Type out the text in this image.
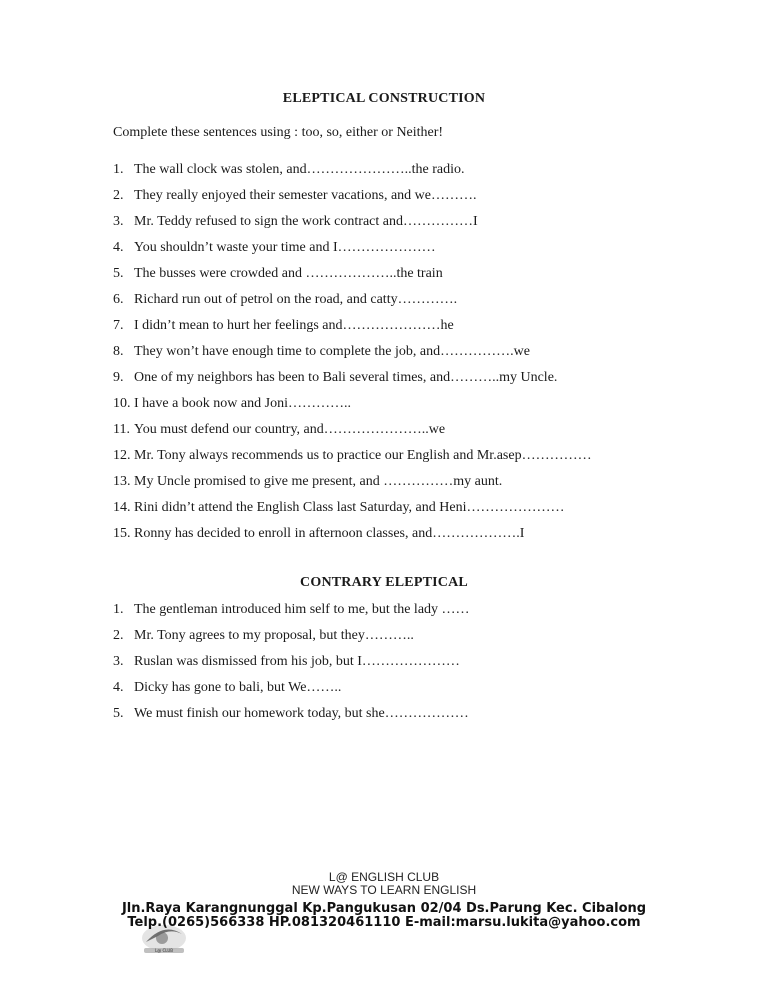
ELEPTICAL CONSTRUCTION
Complete these sentences using : too, so, either or Neither!
1. The wall clock was stolen, and…………………..the radio.
2. They really enjoyed their semester vacations, and we……….
3. Mr. Teddy refused to sign the work contract and……………I
4. You shouldn’t waste your time and I…………………
5. The busses were crowded and ………………..the train
6. Richard run out of petrol on the road, and catty………….
7. I didn’t mean to hurt her feelings and…………………he
8. They won’t have enough time to complete the job, and…………….we
9. One of my neighbors has been to Bali several times, and………..my Uncle.
10. I have a book now and Joni…………..
11. You must defend our country, and…………………..we
12. Mr. Tony always recommends us to practice our English and Mr.asep……………
13. My Uncle promised to give me present, and ……………my aunt.
14. Rini didn’t attend the English Class last Saturday, and Heni…………………
15. Ronny has decided to enroll in afternoon classes, and……………….I
CONTRARY ELEPTICAL
1. The gentleman introduced him self to me, but the lady ……
2. Mr. Tony agrees to my proposal, but they………..
3. Ruslan was dismissed from his job, but I…………………
4. Dicky has gone to bali, but We……..
5. We must finish our homework today, but she………………
L@ CLUB
L@ ENGLISH CLUB
NEW WAYS TO LEARN ENGLISH
Jln.Raya Karangnunggal Kp.Pangukusan 02/04 Ds.Parung Kec. Cibalong
Telp.(0265)566338 HP.081320461110 E-mail:marsu.lukita@yahoo.com
